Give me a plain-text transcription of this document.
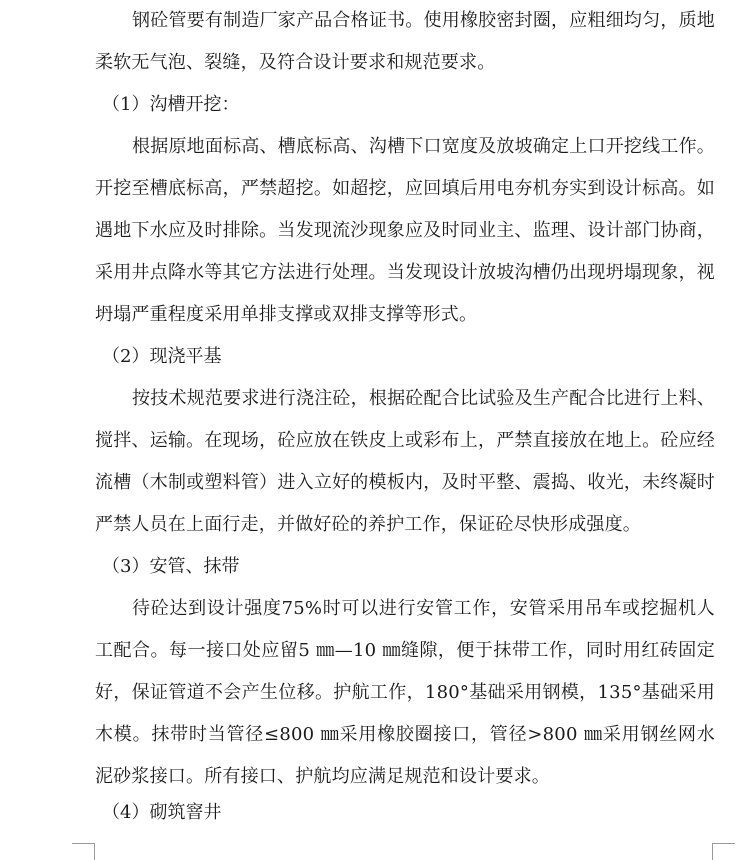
钢砼管要有制造厂家产品合格证书。使用橡胶密封圈，应粗细均匀，质地柔软无气泡、裂缝，及符合设计要求和规范要求。

（1）沟槽开挖：

根据原地面标高、槽底标高、沟槽下口宽度及放坡确定上口开挖线工作。开挖至槽底标高，严禁超挖。如超挖，应回填后用电夯机夯实到设计标高。如遇地下水应及时排除。当发现流沙现象应及时同业主、监理、设计部门协商，采用井点降水等其它方法进行处理。当发现设计放坡沟槽仍出现坍塌现象，视坍塌严重程度采用单排支撑或双排支撑等形式。

（2）现浇平基

按技术规范要求进行浇注砼，根据砼配合比试验及生产配合比进行上料、搅拌、运输。在现场，砼应放在铁皮上或彩布上，严禁直接放在地上。砼应经流槽（木制或塑料管）进入立好的模板内，及时平整、震捣、收光，未终凝时严禁人员在上面行走，并做好砼的养护工作，保证砼尽快形成强度。

（3）安管、抹带

待砼达到设计强度75%时可以进行安管工作，安管采用吊车或挖掘机人工配合。每一接口处应留5 ㎜—10 ㎜缝隙，便于抹带工作，同时用红砖固定好，保证管道不会产生位移。护航工作，180°基础采用钢模，135°基础采用木模。抹带时当管径≤800 ㎜采用橡胶圈接口，管径>800 ㎜采用钢丝网水泥砂浆接口。所有接口、护航均应满足规范和设计要求。

（4）砌筑窨井
